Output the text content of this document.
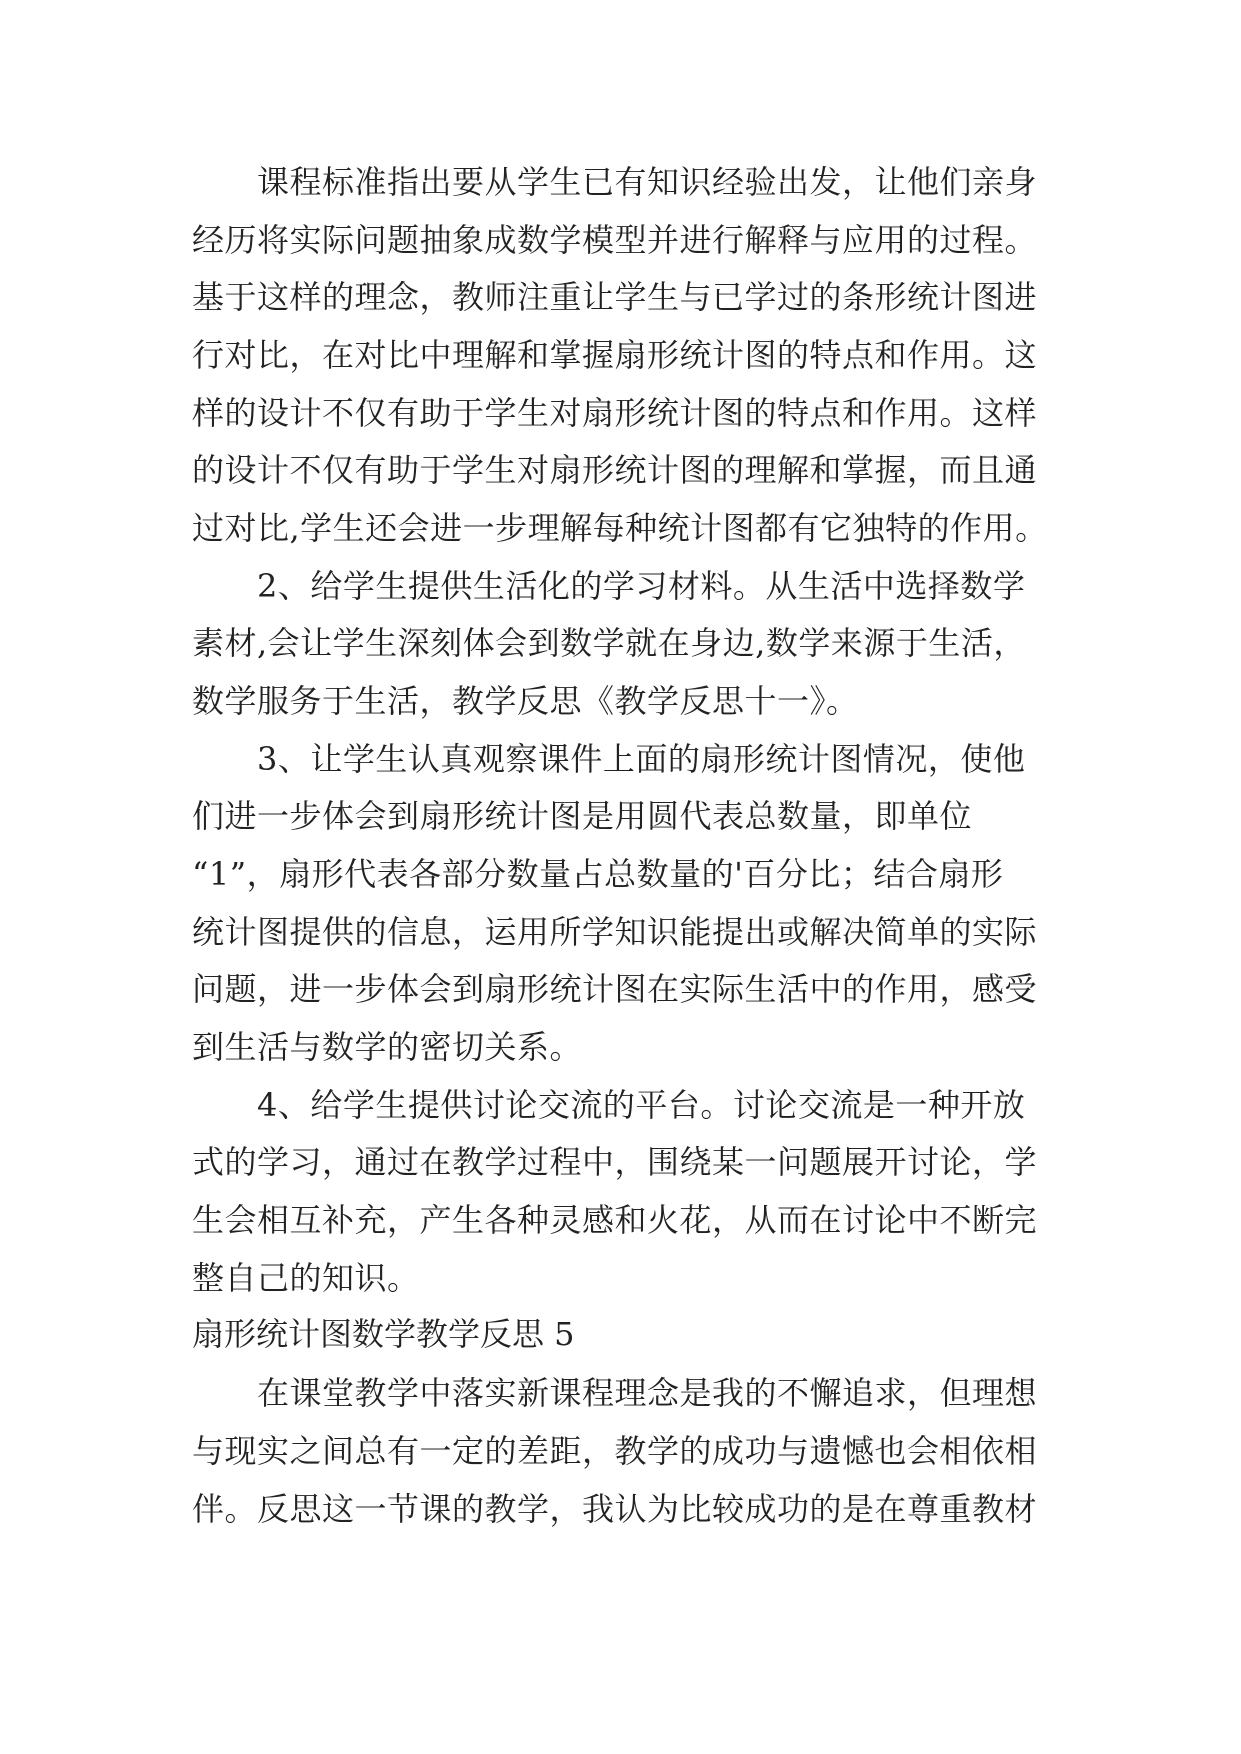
　　课程标准指出要从学生已有知识经验出发，让他们亲身
经历将实际问题抽象成数学模型并进行解释与应用的过程。
基于这样的理念，教师注重让学生与已学过的条形统计图进
行对比，在对比中理解和掌握扇形统计图的特点和作用。这
样的设计不仅有助于学生对扇形统计图的特点和作用。这样
的设计不仅有助于学生对扇形统计图的理解和掌握，而且通
过对比,学生还会进一步理解每种统计图都有它独特的作用。
　　2、给学生提供生活化的学习材料。从生活中选择数学
素材,会让学生深刻体会到数学就在身边,数学来源于生活，
数学服务于生活，教学反思《教学反思十一》。
　　3、让学生认真观察课件上面的扇形统计图情况，使他
们进一步体会到扇形统计图是用圆代表总数量，即单位
“1”，扇形代表各部分数量占总数量的'百分比；结合扇形
统计图提供的信息，运用所学知识能提出或解决简单的实际
问题，进一步体会到扇形统计图在实际生活中的作用，感受
到生活与数学的密切关系。
　　4、给学生提供讨论交流的平台。讨论交流是一种开放
式的学习，通过在教学过程中，围绕某一问题展开讨论，学
生会相互补充，产生各种灵感和火花，从而在讨论中不断完
整自己的知识。
扇形统计图数学教学反思 5
　　在课堂教学中落实新课程理念是我的不懈追求，但理想
与现实之间总有一定的差距，教学的成功与遗憾也会相依相
伴。反思这一节课的教学，我认为比较成功的是在尊重教材
